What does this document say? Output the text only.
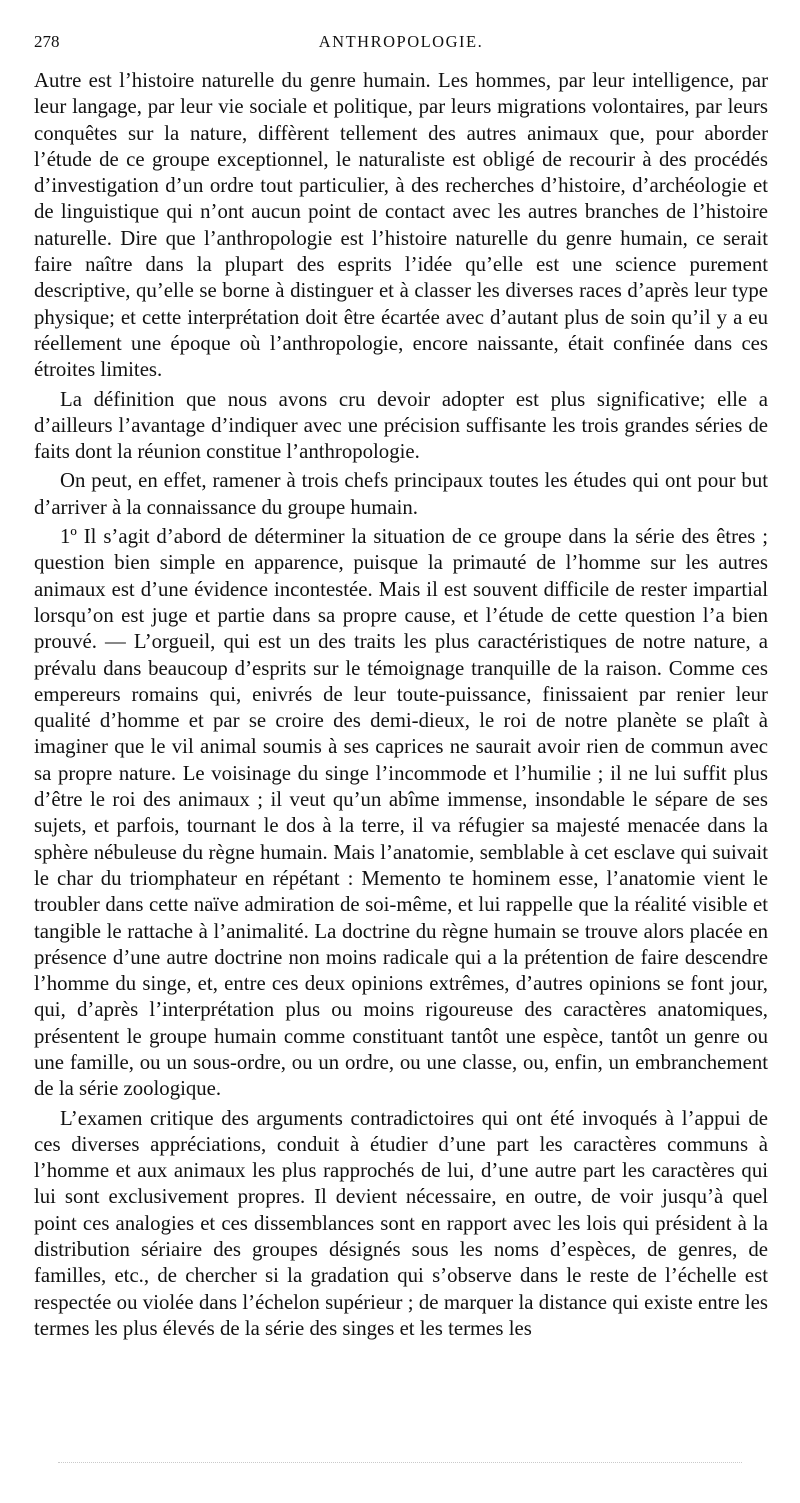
278	ANTHROPOLOGIE.

Autre est l’histoire naturelle du genre humain. Les hommes, par leur intelligence, par leur langage, par leur vie sociale et politique, par leurs migrations volontaires, par leurs conquêtes sur la nature, diffèrent tellement des autres animaux que, pour aborder l’étude de ce groupe exceptionnel, le naturaliste est obligé de recourir à des procédés d’investigation d’un ordre tout particulier, à des recherches d’histoire, d’archéologie et de linguistique qui n’ont aucun point de contact avec les autres branches de l’histoire naturelle. Dire que l’anthropologie est l’histoire naturelle du genre humain, ce serait faire naître dans la plupart des esprits l’idée qu’elle est une science purement descriptive, qu’elle se borne à distinguer et à classer les diverses races d’après leur type physique; et cette interprétation doit être écartée avec d’autant plus de soin qu’il y a eu réellement une époque où l’anthropologie, encore naissante, était confinée dans ces étroites limites.

La définition que nous avons cru devoir adopter est plus significative; elle a d’ailleurs l’avantage d’indiquer avec une précision suffisante les trois grandes séries de faits dont la réunion constitue l’anthropologie.

On peut, en effet, ramener à trois chefs principaux toutes les études qui ont pour but d’arriver à la connaissance du groupe humain.

1º Il s’agit d’abord de déterminer la situation de ce groupe dans la série des êtres ; question bien simple en apparence, puisque la primauté de l’homme sur les autres animaux est d’une évidence incontestée. Mais il est souvent difficile de rester impartial lorsqu’on est juge et partie dans sa propre cause, et l’étude de cette question l’a bien prouvé. — L’orgueil, qui est un des traits les plus caractéristiques de notre nature, a prévalu dans beaucoup d’esprits sur le témoignage tranquille de la raison. Comme ces empereurs romains qui, enivrés de leur toute-puissance, finissaient par renier leur qualité d’homme et par se croire des demi-dieux, le roi de notre planète se plaît à imaginer que le vil animal soumis à ses caprices ne saurait avoir rien de commun avec sa propre nature. Le voisinage du singe l’incommode et l’humilie ; il ne lui suffit plus d’être le roi des animaux ; il veut qu’un abîme immense, insondable le sépare de ses sujets, et parfois, tournant le dos à la terre, il va réfugier sa majesté menacée dans la sphère nébuleuse du règne humain. Mais l’anatomie, semblable à cet esclave qui suivait le char du triomphateur en répétant : Memento te hominem esse, l’anatomie vient le troubler dans cette naïve admiration de soi-même, et lui rappelle que la réalité visible et tangible le rattache à l’animalité. La doctrine du règne humain se trouve alors placée en présence d’une autre doctrine non moins radicale qui a la prétention de faire descendre l’homme du singe, et, entre ces deux opinions extrêmes, d’autres opinions se font jour, qui, d’après l’interprétation plus ou moins rigoureuse des caractères anatomiques, présentent le groupe humain comme constituant tantôt une espèce, tantôt un genre ou une famille, ou un sous-ordre, ou un ordre, ou une classe, ou, enfin, un embranchement de la série zoologique.

L’examen critique des arguments contradictoires qui ont été invoqués à l’appui de ces diverses appréciations, conduit à étudier d’une part les caractères communs à l’homme et aux animaux les plus rapprochés de lui, d’une autre part les caractères qui lui sont exclusivement propres. Il devient nécessaire, en outre, de voir jusqu’à quel point ces analogies et ces dissemblances sont en rapport avec les lois qui président à la distribution sériaire des groupes désignés sous les noms d’espèces, de genres, de familles, etc., de chercher si la gradation qui s’observe dans le reste de l’échelle est respectée ou violée dans l’échelon supérieur ; de marquer la distance qui existe entre les termes les plus élevés de la série des singes et les termes les
